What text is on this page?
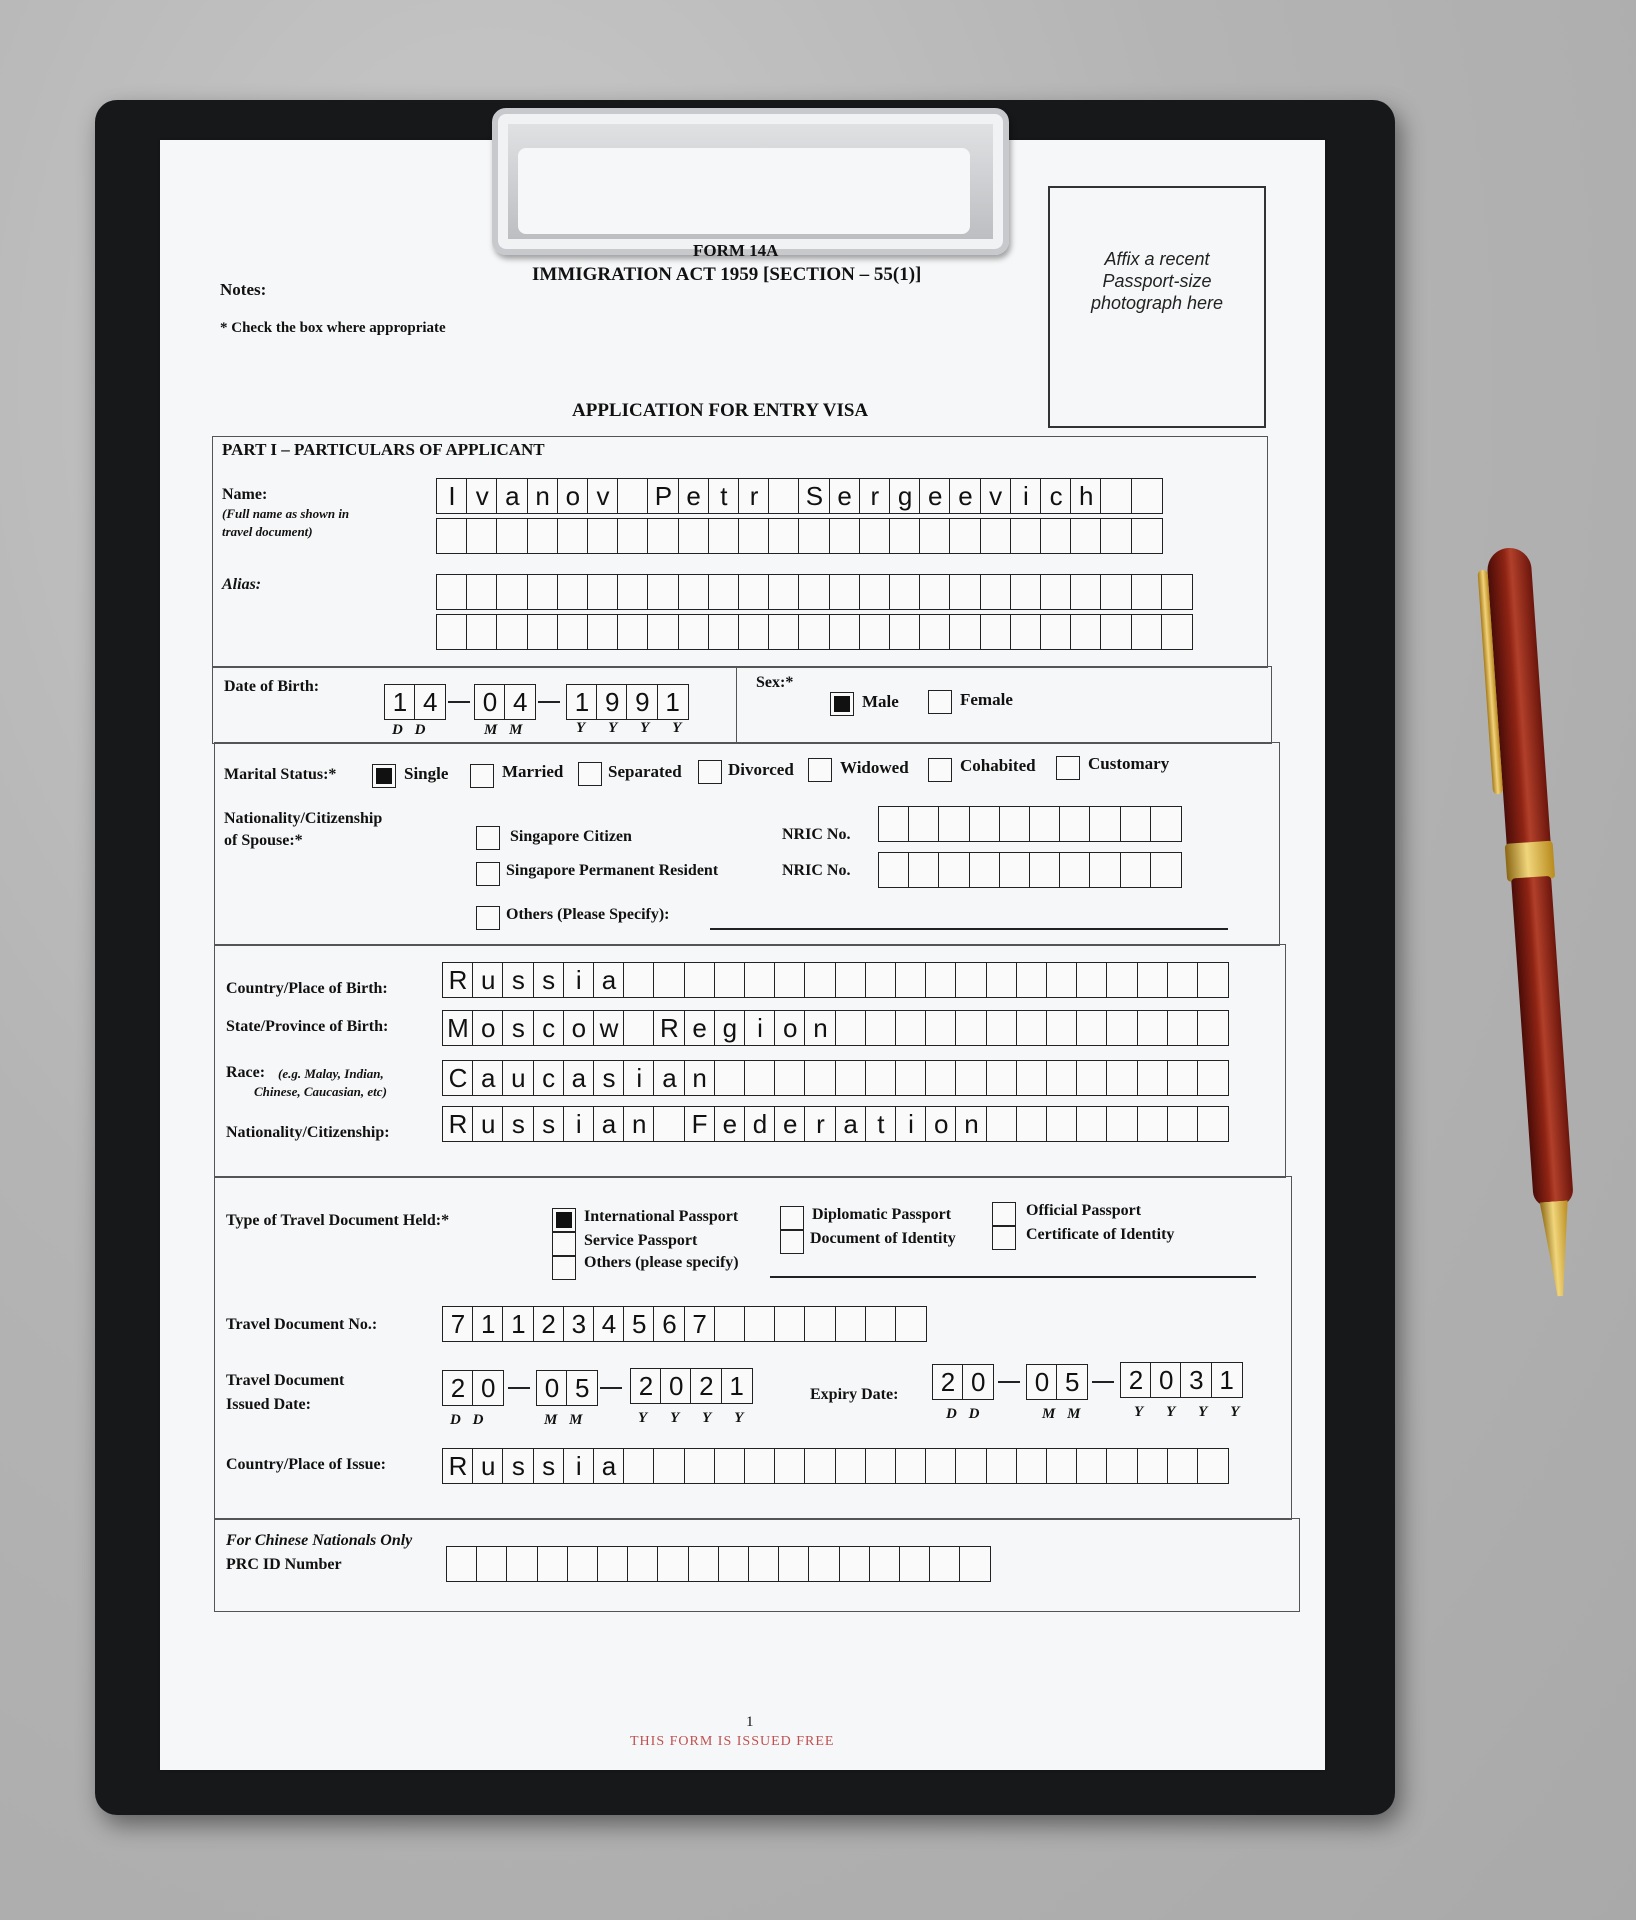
FORM 14A
IMMIGRATION ACT 1959 [SECTION – 55(1)]
Notes:
* Check the box where appropriate
Affix a recent
Passport-size
photograph here
APPLICATION FOR ENTRY VISA
PART I – PARTICULARS OF APPLICANT
Name:
(Full name as shown in
travel document)
I v a n o v	P e t r	S e r g e e v i c h
Alias:
Date of Birth:
1 4	0 4	1 9 9 1
D D	M M	Y Y Y Y
Sex:*
Male	Female
Marital Status:*	Single	Married	Separated	Divorced	Widowed	Cohabited	Customary
Nationality/Citizenship
of Spouse:*	Singapore Citizen	NRIC No.
Singapore Permanent Resident	NRIC No.
Others (Please Specify):
Country/Place of Birth: R u s s i a
State/Province of Birth: M o s c o w R e g i o n
Race: (e.g. Malay, Indian,
Chinese, Caucasian, etc) C a u c a s i a n
Nationality/Citizenship: R u s s i a n	F e d e r a t i o n
Type of Travel Document Held:*	International Passport
Service Passport
Others (please specify)
Diplomatic Passport
Document of Identity
Official Passport
Certificate of Identity
Travel Document No.:	7 1 1 2 3 4 5 6 7
Travel Document
Issued Date:
2 0	0 5	2 0 2 1
D D	M M	Y Y Y Y
Expiry Date:	2 0	0 5	2 0 3 1
D D	M M	Y Y Y Y
Country/Place of Issue: R u s s i a
For Chinese Nationals Only
PRC ID Number
1
THIS FORM IS ISSUED FREE
